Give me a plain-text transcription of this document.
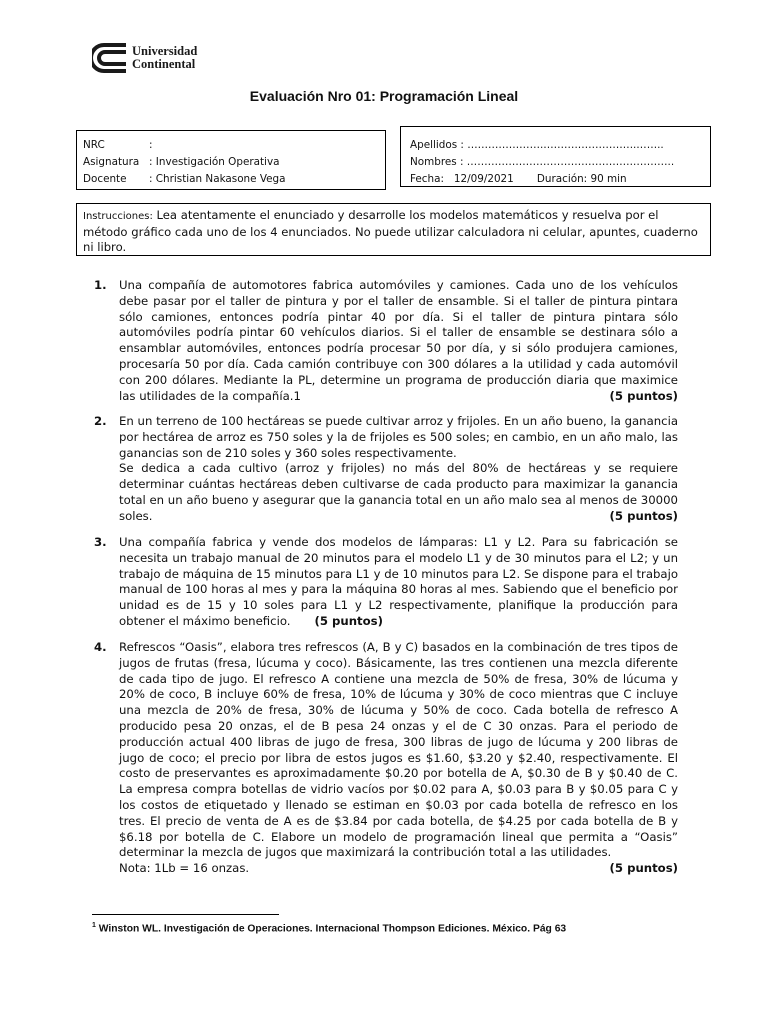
Universidad
Continental
Evaluación Nro 01: Programación Lineal
NRC	:
Asignatura : Investigación Operativa
Docente : Christian Nakasone Vega
Apellidos : ………………….……….……………..……..
Nombres : ………………………………………….………..
Fecha: 12/09/2021 Duración: 90 min
Instrucciones: Lea atentamente el enunciado y desarrolle los modelos matemáticos y resuelva por el método gráfico cada uno de los 4 enunciados. No puede utilizar calculadora ni celular, apuntes, cuaderno ni libro.
1. Una compañía de automotores fabrica automóviles y camiones. Cada uno de los vehículos debe pasar por el taller de pintura y por el taller de ensamble. Si el taller de pintura pintara sólo camiones, entonces podría pintar 40 por día. Si el taller de pintura pintara sólo automóviles podría pintar 60 vehículos diarios. Si el taller de ensamble se destinara sólo a ensamblar automóviles, entonces podría procesar 50 por día, y si sólo produjera camiones, procesaría 50 por día. Cada camión contribuye con 300 dólares a la utilidad y cada automóvil con 200 dólares. Mediante la PL, determine un programa de producción diaria que maximice las utilidades de la compañía.1	(5 puntos)
2. En un terreno de 100 hectáreas se puede cultivar arroz y frijoles. En un año bueno, la ganancia por hectárea de arroz es 750 soles y la de frijoles es 500 soles; en cambio, en un año malo, las ganancias son de 210 soles y 360 soles respectivamente.
Se dedica a cada cultivo (arroz y frijoles) no más del 80% de hectáreas y se requiere determinar cuántas hectáreas deben cultivarse de cada producto para maximizar la ganancia total en un año bueno y asegurar que la ganancia total en un año malo sea al menos de 30000 soles.	(5 puntos)
3. Una compañía fabrica y vende dos modelos de lámparas: L1 y L2. Para su fabricación se necesita un trabajo manual de 20 minutos para el modelo L1 y de 30 minutos para el L2; y un trabajo de máquina de 15 minutos para L1 y de 10 minutos para L2. Se dispone para el trabajo manual de 100 horas al mes y para la máquina 80 horas al mes. Sabiendo que el beneficio por unidad es de 15 y 10 soles para L1 y L2 respectivamente, planifique la producción para obtener el máximo beneficio. (5 puntos)
4. Refrescos “Oasis”, elabora tres refrescos (A, B y C) basados en la combinación de tres tipos de jugos de frutas (fresa, lúcuma y coco). Básicamente, las tres contienen una mezcla diferente de cada tipo de jugo. El refresco A contiene una mezcla de 50% de fresa, 30% de lúcuma y 20% de coco, B incluye 60% de fresa, 10% de lúcuma y 30% de coco mientras que C incluye una mezcla de 20% de fresa, 30% de lúcuma y 50% de coco. Cada botella de refresco A producido pesa 20 onzas, el de B pesa 24 onzas y el de C 30 onzas. Para el periodo de producción actual 400 libras de jugo de fresa, 300 libras de jugo de lúcuma y 200 libras de jugo de coco; el precio por libra de estos jugos es $1.60, $3.20 y $2.40, respectivamente. El costo de preservantes es aproximadamente $0.20 por botella de A, $0.30 de B y $0.40 de C. La empresa compra botellas de vidrio vacíos por $0.02 para A, $0.03 para B y $0.05 para C y los costos de etiquetado y llenado se estiman en $0.03 por cada botella de refresco en los tres. El precio de venta de A es de $3.84 por cada botella, de $4.25 por cada botella de B y $6.18 por botella de C. Elabore un modelo de programación lineal que permita a “Oasis” determinar la mezcla de jugos que maximizará la contribución total a las utilidades.
Nota: 1Lb = 16 onzas.	(5 puntos)
$^1$ Winston WL. Investigación de Operaciones. Internacional Thompson Ediciones. México. Pág 63
